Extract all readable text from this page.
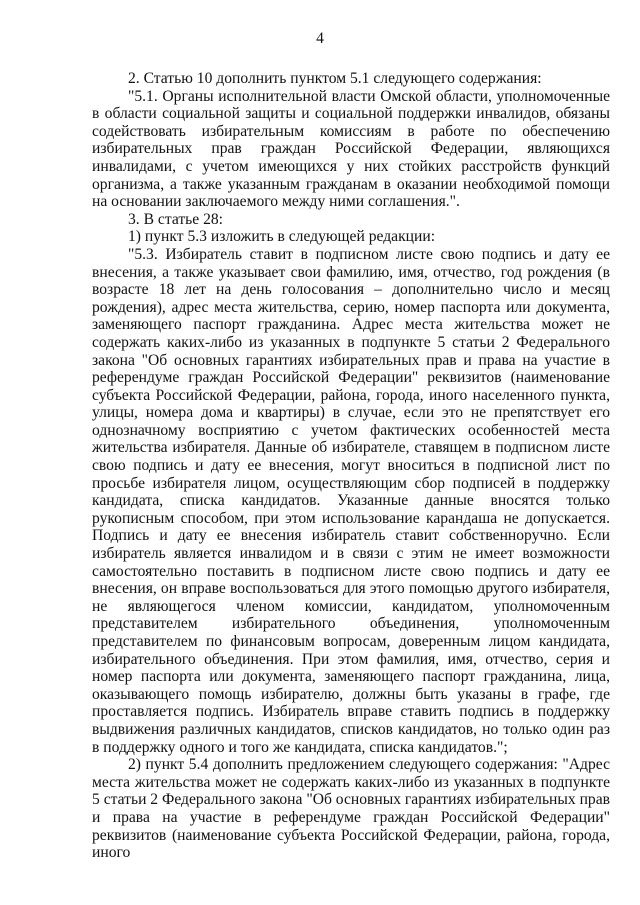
4

2. Статью 10 дополнить пунктом 5.1 следующего содержания:

"5.1. Органы исполнительной власти Омской области, уполномоченные в области социальной защиты и социальной поддержки инвалидов, обязаны содействовать избирательным комиссиям в работе по обеспечению избирательных прав граждан Российской Федерации, являющихся инвалидами, с учетом имеющихся у них стойких расстройств функций организма, а также указанным гражданам в оказании необходимой помощи на основании заключаемого между ними соглашения.".

3. В статье 28:

1) пункт 5.3 изложить в следующей редакции:

"5.3. Избиратель ставит в подписном листе свою подпись и дату ее внесения, а также указывает свои фамилию, имя, отчество, год рождения (в возрасте 18 лет на день голосования – дополнительно число и месяц рождения), адрес места жительства, серию, номер паспорта или документа, заменяющего паспорт гражданина. Адрес места жительства может не содержать каких-либо из указанных в подпункте 5 статьи 2 Федерального закона "Об основных гарантиях избирательных прав и права на участие в референдуме граждан Российской Федерации" реквизитов (наименование субъекта Российской Федерации, района, города, иного населенного пункта, улицы, номера дома и квартиры) в случае, если это не препятствует его однозначному восприятию с учетом фактических особенностей места жительства избирателя. Данные об избирателе, ставящем в подписном листе свою подпись и дату ее внесения, могут вноситься в подписной лист по просьбе избирателя лицом, осуществляющим сбор подписей в поддержку кандидата, списка кандидатов. Указанные данные вносятся только рукописным способом, при этом использование карандаша не допускается. Подпись и дату ее внесения избиратель ставит собственноручно. Если избиратель является инвалидом и в связи с этим не имеет возможности самостоятельно поставить в подписном листе свою подпись и дату ее внесения, он вправе воспользоваться для этого помощью другого избирателя, не являющегося членом комиссии, кандидатом, уполномоченным представителем избирательного объединения, уполномоченным представителем по финансовым вопросам, доверенным лицом кандидата, избирательного объединения. При этом фамилия, имя, отчество, серия и номер паспорта или документа, заменяющего паспорт гражданина, лица, оказывающего помощь избирателю, должны быть указаны в графе, где проставляется подпись. Избиратель вправе ставить подпись в поддержку выдвижения различных кандидатов, списков кандидатов, но только один раз в поддержку одного и того же кандидата, списка кандидатов.";

2) пункт 5.4 дополнить предложением следующего содержания: "Адрес места жительства может не содержать каких-либо из указанных в подпункте 5 статьи 2 Федерального закона "Об основных гарантиях избирательных прав и права на участие в референдуме граждан Российской Федерации" реквизитов (наименование субъекта Российской Федерации, района, города, иного
